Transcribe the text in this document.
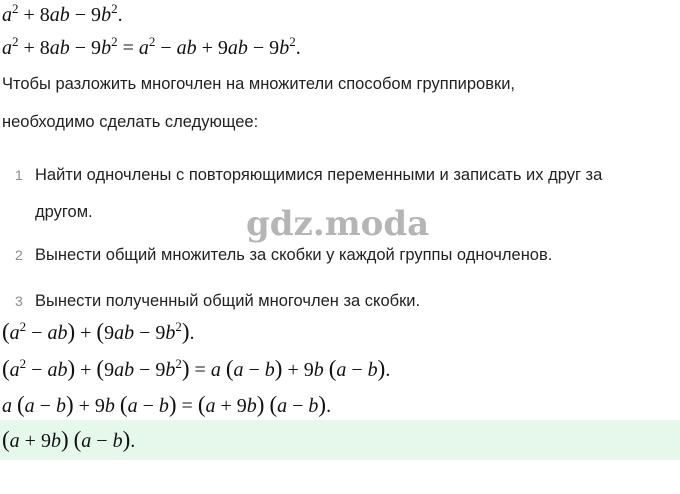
$a^2 + 8ab - 9b^2$.
$a^2 + 8ab - 9b^2 = a^2$ − ab + $9ab - 9b^2$.
Чтобы разложить многочлен на множители способом группировки,
необходимо сделать следующее:
1 Найти одночлены с повторяющимися переменными и записать их друг за
другом.
2 Вынести общий множитель за скобки у каждой группы одночленов.
3 Вынести полученный общий многочлен за скобки.
gdz.moda
$(a^2 - ab) + (9ab - 9b^2)$.
$(a^2 - ab) + (9ab - 9b^2) = a$ (a − b) + 9b (a − b).
a (a − b) + 9b (a − b) = (a + 9b) (a − b).
(a + 9b) (a − b).
